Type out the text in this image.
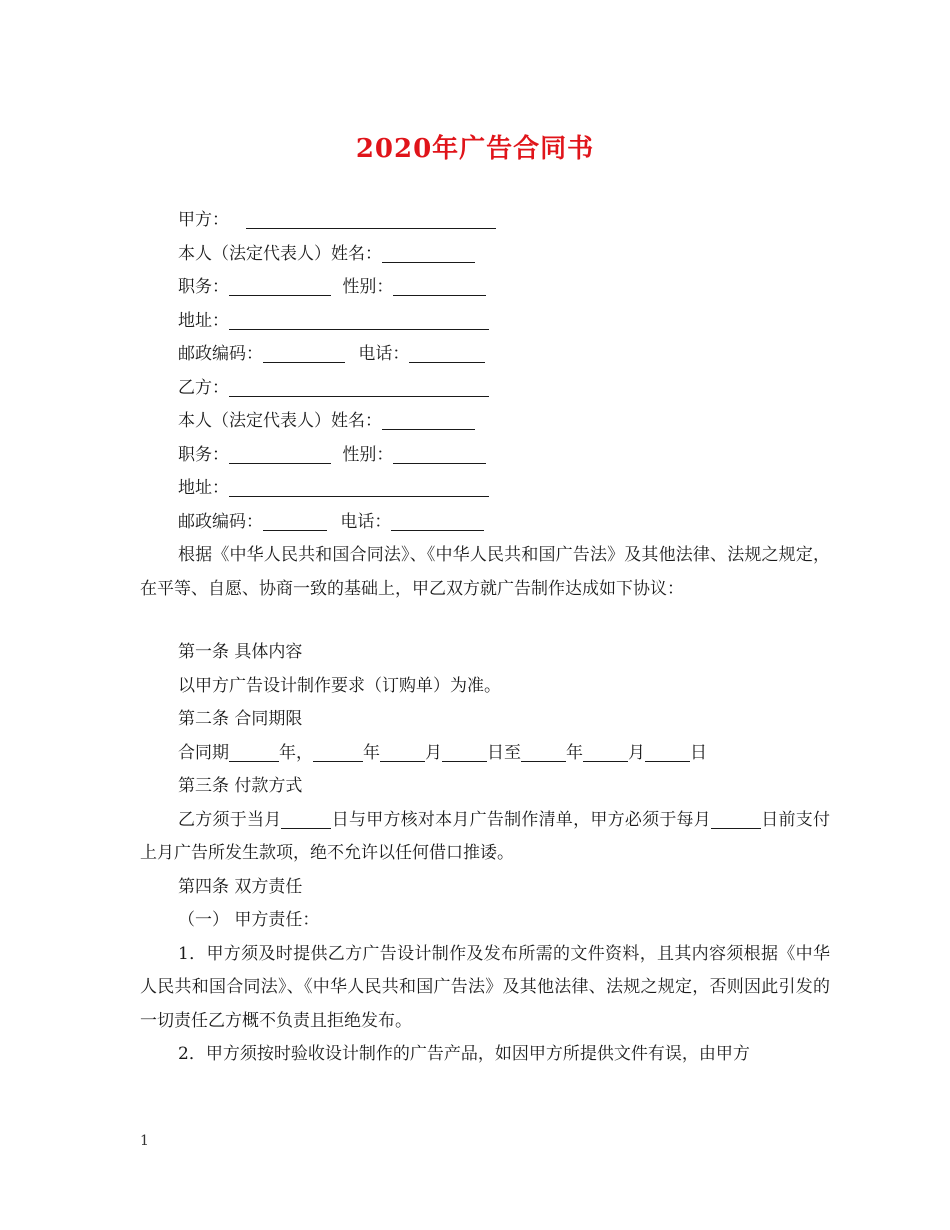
2020年广告合同书
甲方：
本人（法定代表人）姓名：
职务：	性别：
地址：
邮政编码：	电话：
乙方：
本人（法定代表人）姓名：
职务：	性别：
地址：
邮政编码：	电话：
根据《中华人民共和国合同法》、《中华人民共和国广告法》及其他法律、法规之规定，在平等、自愿、协商一致的基础上，甲乙双方就广告制作达成如下协议：
第一条 具体内容
以甲方广告设计制作要求（订购单）为准。
第二条 合同期限
合同期	年，	年	月	日至	年	月	日
第三条 付款方式
乙方须于当月	日与甲方核对本月广告制作清单，甲方必须于每月	日前支付上月广告所发生款项，绝不允许以任何借口推诿。
第四条 双方责任
（一） 甲方责任：
1．甲方须及时提供乙方广告设计制作及发布所需的文件资料，且其内容须根据《中华人民共和国合同法》、《中华人民共和国广告法》及其他法律、法规之规定，否则因此引发的一切责任乙方概不负责且拒绝发布。
2．甲方须按时验收设计制作的广告产品，如因甲方所提供文件有误，由甲方
1
